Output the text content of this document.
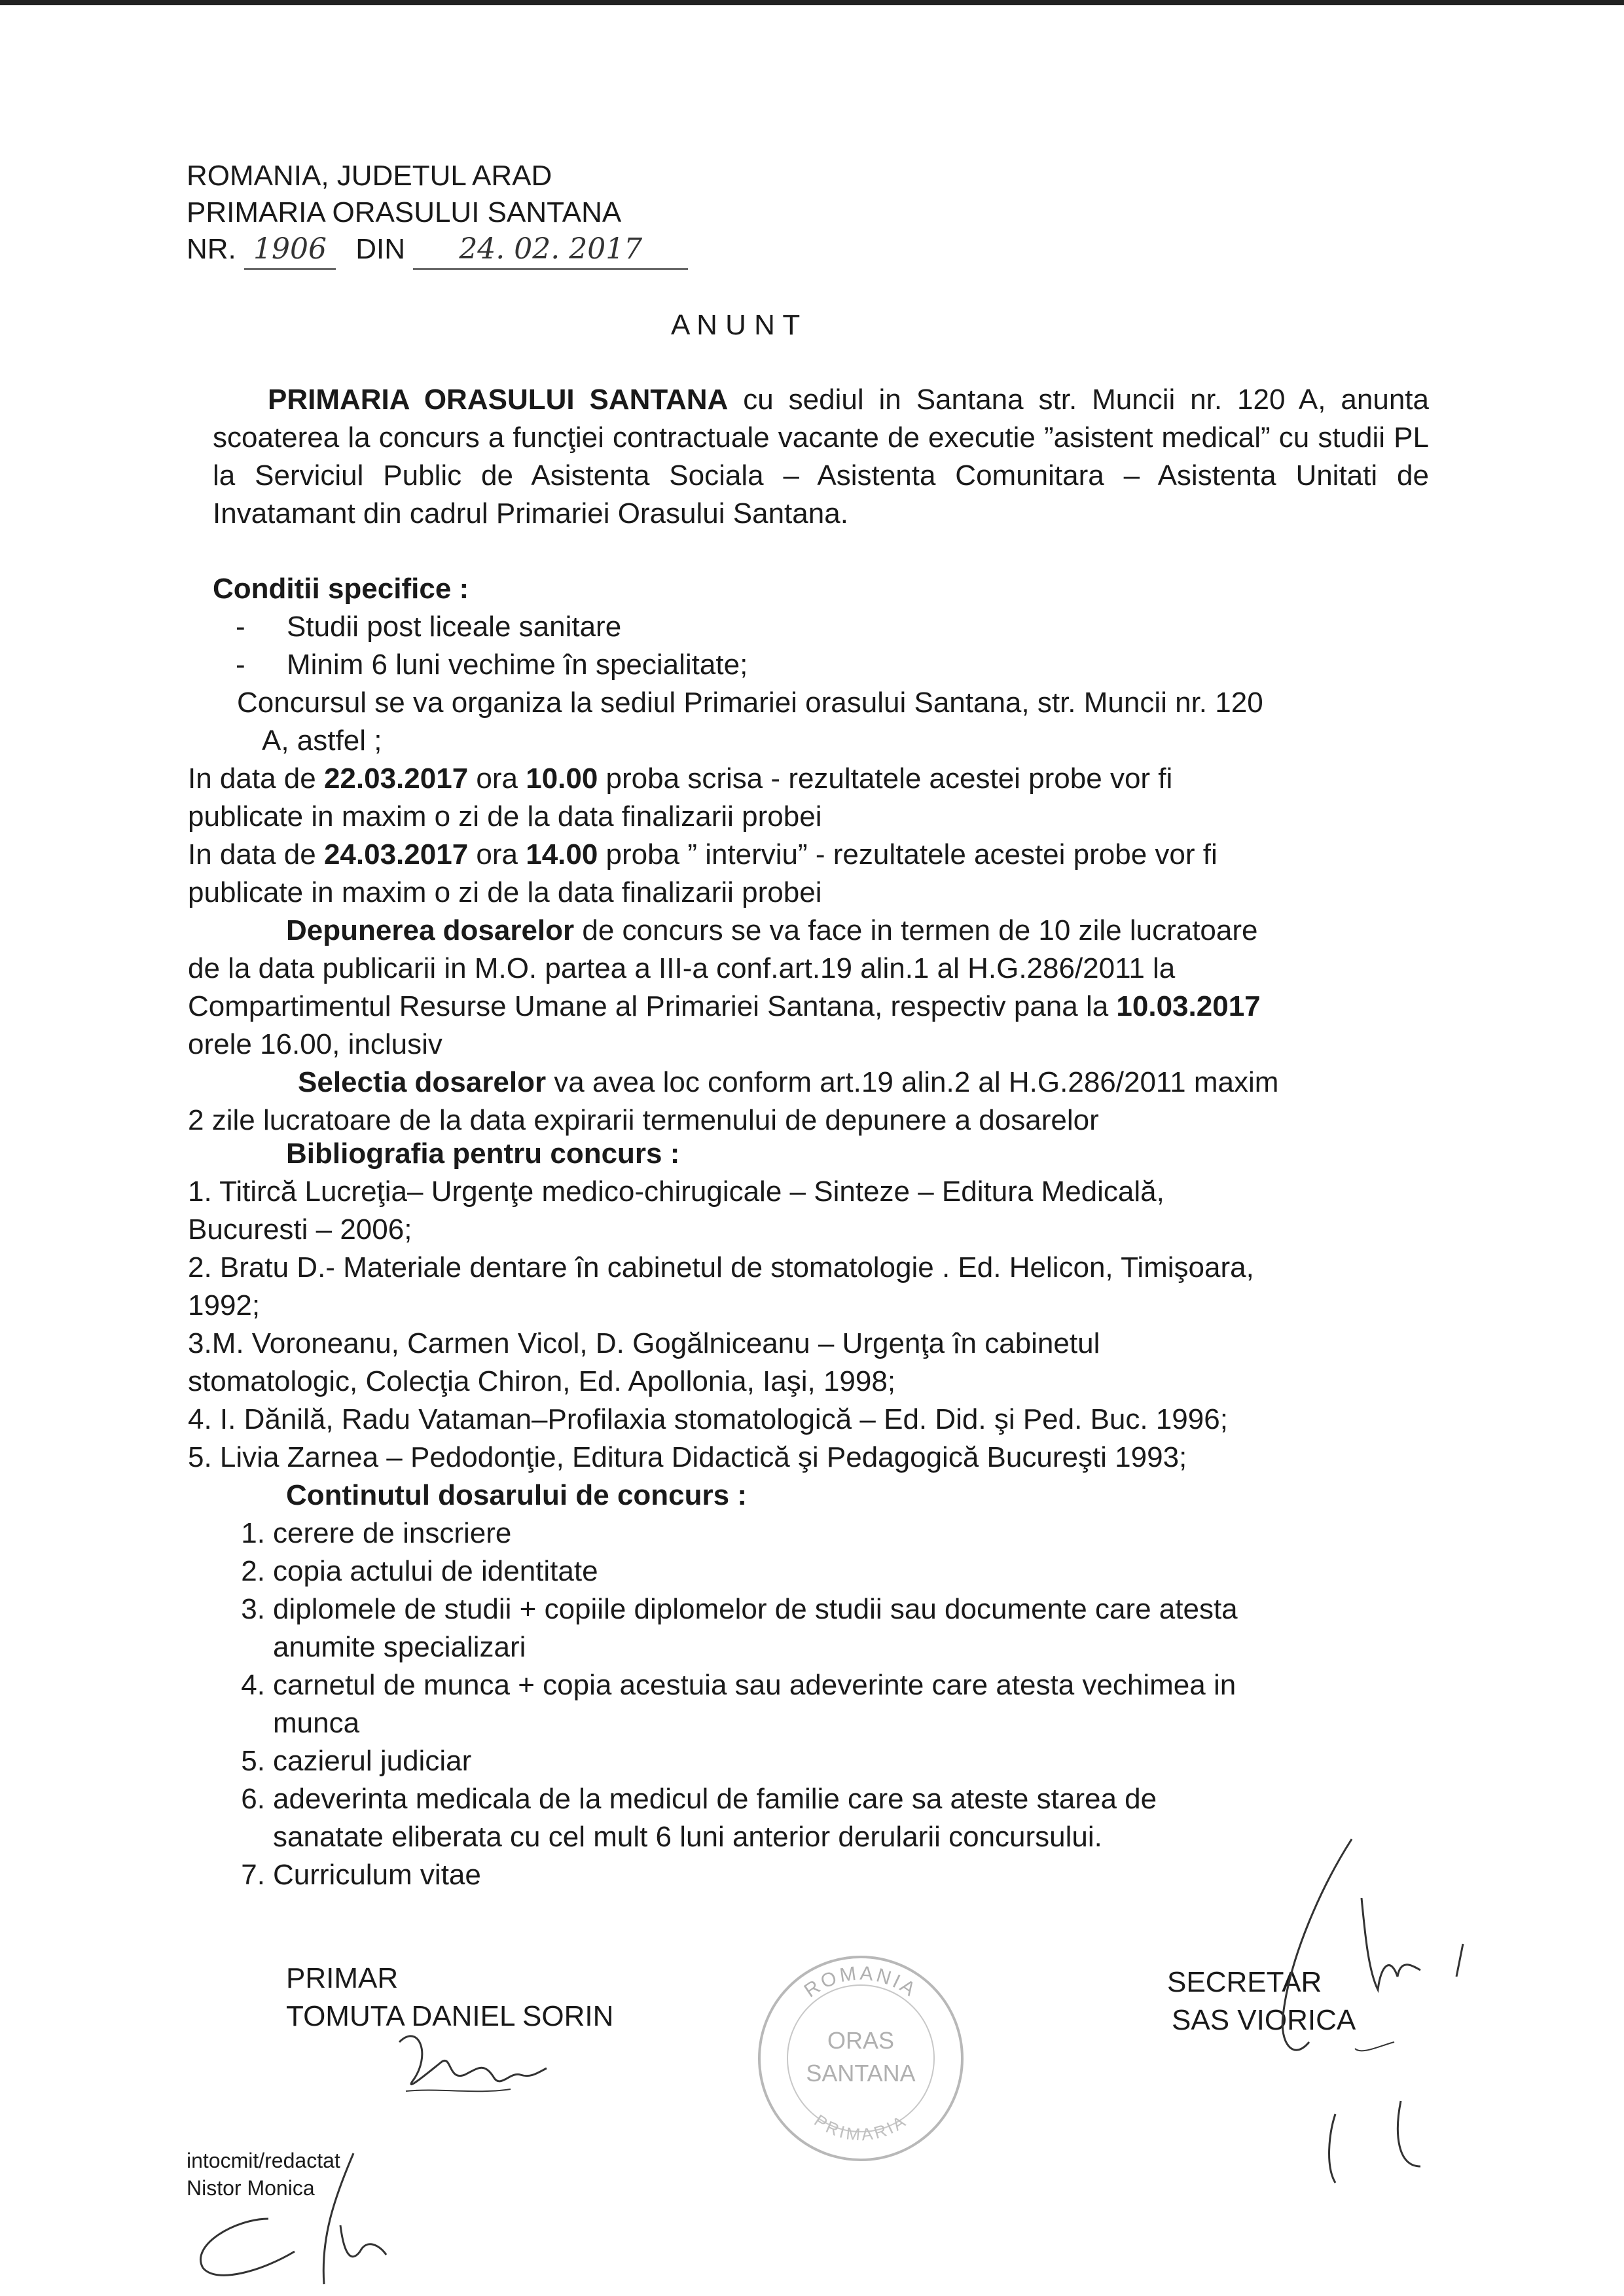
ROMANIA, JUDETUL ARAD
PRIMARIA ORASULUI SANTANA
NR. 1906 DIN 24. 02. 2017
A N U N T
PRIMARIA ORASULUI SANTANA cu sediul in Santana str. Muncii nr. 120 A, anunta scoaterea la concurs a funcţiei contractuale vacante de executie ”asistent medical” cu studii PL la Serviciul Public de Asistenta Sociala – Asistenta Comunitara – Asistenta Unitati de Invatamant din cadrul Primariei Orasului Santana.
Conditii specifice :
- Studii post liceale sanitare
- Minim 6 luni vechime în specialitate;
Concursul se va organiza la sediul Primariei orasului Santana, str. Muncii nr. 120
A, astfel ;
In data de 22.03.2017 ora 10.00 proba scrisa - rezultatele acestei probe vor fi
publicate in maxim o zi de la data finalizarii probei
In data de 24.03.2017 ora 14.00 proba ” interviu” - rezultatele acestei probe vor fi
publicate in maxim o zi de la data finalizarii probei
Depunerea dosarelor de concurs se va face in termen de 10 zile lucratoare
de la data publicarii in M.O. partea a III-a conf.art.19 alin.1 al H.G.286/2011 la
Compartimentul Resurse Umane al Primariei Santana, respectiv pana la 10.03.2017
orele 16.00, inclusiv
Selectia dosarelor va avea loc conform art.19 alin.2 al H.G.286/2011 maxim
2 zile lucratoare de la data expirarii termenului de depunere a dosarelor
Bibliografia pentru concurs :
1. Titircă Lucreţia– Urgenţe medico-chirugicale – Sinteze – Editura Medicală,
Bucuresti – 2006;
2. Bratu D.- Materiale dentare în cabinetul de stomatologie . Ed. Helicon, Timişoara,
1992;
3.M. Voroneanu, Carmen Vicol, D. Gogălniceanu – Urgenţa în cabinetul
stomatologic, Colecţia Chiron, Ed. Apollonia, Iaşi, 1998;
4. I. Dănilă, Radu Vataman–Profilaxia stomatologică – Ed. Did. şi Ped. Buc. 1996;
5. Livia Zarnea – Pedodonţie, Editura Didactică şi Pedagogică Bucureşti 1993;
Continutul dosarului de concurs :
1. cerere de inscriere
2. copia actului de identitate
3. diplomele de studii + copiile diplomelor de studii sau documente care atesta
anumite specializari
4. carnetul de munca + copia acestuia sau adeverinte care atesta vechimea in
munca
5. cazierul judiciar
6. adeverinta medicala de la medicul de familie care sa ateste starea de
sanatate eliberata cu cel mult 6 luni anterior derularii concursului.
7. Curriculum vitae
PRIMAR
TOMUTA DANIEL SORIN
SECRETAR
SAS VIORICA
ROMANIA
ORAS
SANTANA
PRIMARIA
intocmit/redactat
Nistor Monica
